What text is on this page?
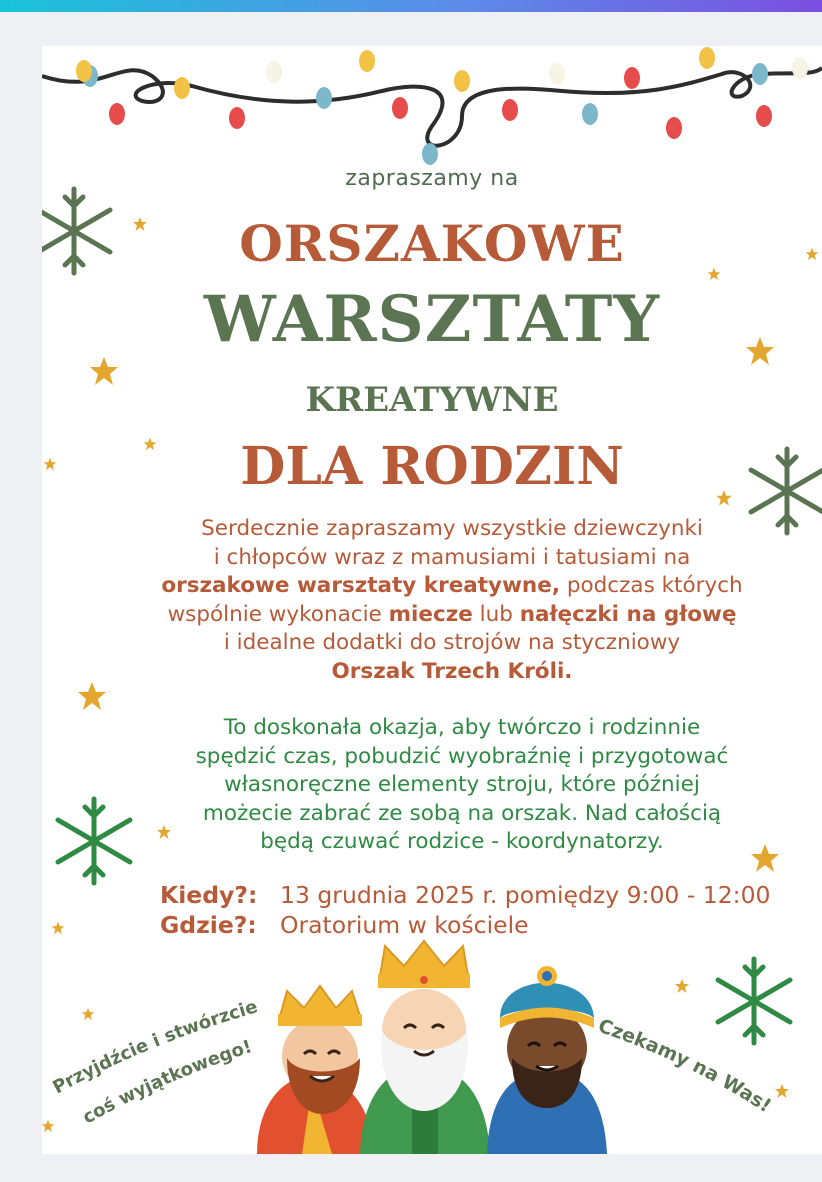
zapraszamy na
ORSZAKOWE
WARSZTATY
KREATYWNE
DLA RODZIN
Serdecznie zapraszamy wszystkie dziewczynki
i chłopców wraz z mamusiami i tatusiami na
orszakowe warsztaty kreatywne, podczas których
wspólnie wykonacie miecze lub nałęczki na głowę
i idealne dodatki do strojów na styczniowy
Orszak Trzech Króli.
To doskonała okazja, aby twórczo i rodzinnie
spędzić czas, pobudzić wyobraźnię i przygotować
własnoręczne elementy stroju, które później
możecie zabrać ze sobą na orszak. Nad całością
będą czuwać rodzice - koordynatorzy.
Kiedy?: 13 grudnia 2025 r. pomiędzy 9:00 - 12:00
Gdzie?: Oratorium w kościele
Przyjdźcie i stwórzcie
coś wyjątkowego!
Czekamy na Was!
